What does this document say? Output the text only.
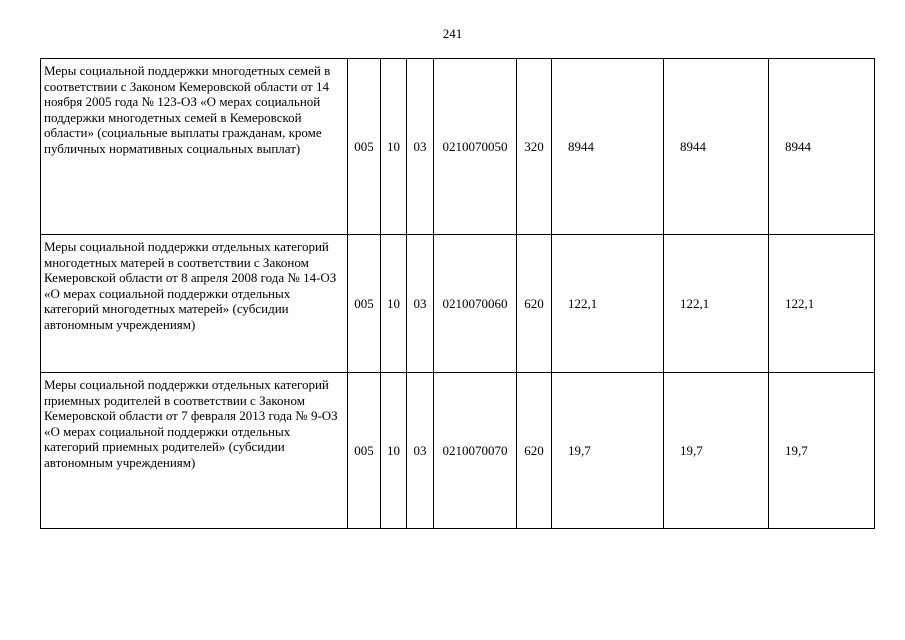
241
Меры социальной поддержки многодетных семей в соответствии с Законом Кемеровской области от 14 ноября 2005 года № 123-ОЗ «О мерах социальной поддержки многодетных семей в Кемеровской области» (социальные выплаты гражданам, кроме публичных нормативных социальных выплат)	005	10	03	0210070050	320	8944	8944	8944
Меры социальной поддержки отдельных категорий многодетных матерей в соответствии с Законом Кемеровской области от 8 апреля 2008 года № 14-ОЗ «О мерах социальной поддержки отдельных категорий многодетных матерей» (субсидии автономным учреждениям)	005	10	03	0210070060	620	122,1	122,1	122,1
Меры социальной поддержки отдельных категорий приемных родителей в соответствии с Законом Кемеровской области от 7 февраля 2013 года № 9-ОЗ «О мерах социальной поддержки отдельных категорий приемных родителей» (субсидии автономным учреждениям)	005	10	03	0210070070	620	19,7	19,7	19,7
